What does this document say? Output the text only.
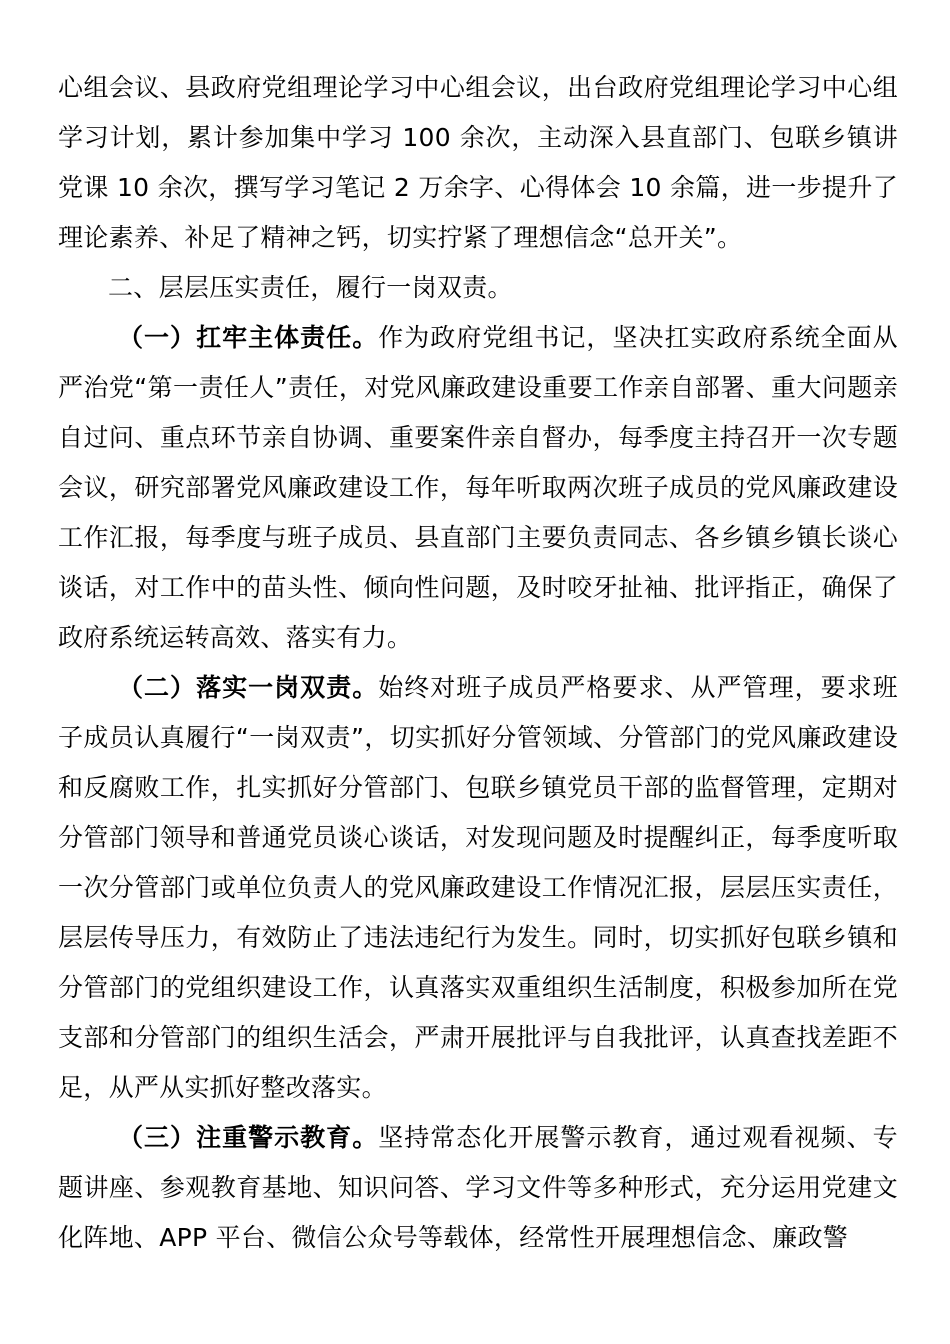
心组会议、县政府党组理论学习中心组会议，出台政府党组理论学习中心组学习计划，累计参加集中学习 100 余次，主动深入县直部门、包联乡镇讲党课 10 余次，撰写学习笔记 2 万余字、心得体会 10 余篇，进一步提升了理论素养、补足了精神之钙，切实拧紧了理想信念“总开关”。

二、层层压实责任，履行一岗双责。

（一）扛牢主体责任。作为政府党组书记，坚决扛实政府系统全面从严治党“第一责任人”责任，对党风廉政建设重要工作亲自部署、重大问题亲自过问、重点环节亲自协调、重要案件亲自督办，每季度主持召开一次专题会议，研究部署党风廉政建设工作，每年听取两次班子成员的党风廉政建设工作汇报，每季度与班子成员、县直部门主要负责同志、各乡镇乡镇长谈心谈话，对工作中的苗头性、倾向性问题，及时咬牙扯袖、批评指正，确保了政府系统运转高效、落实有力。

（二）落实一岗双责。始终对班子成员严格要求、从严管理，要求班子成员认真履行“一岗双责”，切实抓好分管领域、分管部门的党风廉政建设和反腐败工作，扎实抓好分管部门、包联乡镇党员干部的监督管理，定期对分管部门领导和普通党员谈心谈话，对发现问题及时提醒纠正，每季度听取一次分管部门或单位负责人的党风廉政建设工作情况汇报，层层压实责任，层层传导压力，有效防止了违法违纪行为发生。同时，切实抓好包联乡镇和分管部门的党组织建设工作，认真落实双重组织生活制度，积极参加所在党支部和分管部门的组织生活会，严肃开展批评与自我批评，认真查找差距不足，从严从实抓好整改落实。

（三）注重警示教育。坚持常态化开展警示教育，通过观看视频、专题讲座、参观教育基地、知识问答、学习文件等多种形式，充分运用党建文化阵地、APP 平台、微信公众号等载体，经常性开展理想信念、廉政警
